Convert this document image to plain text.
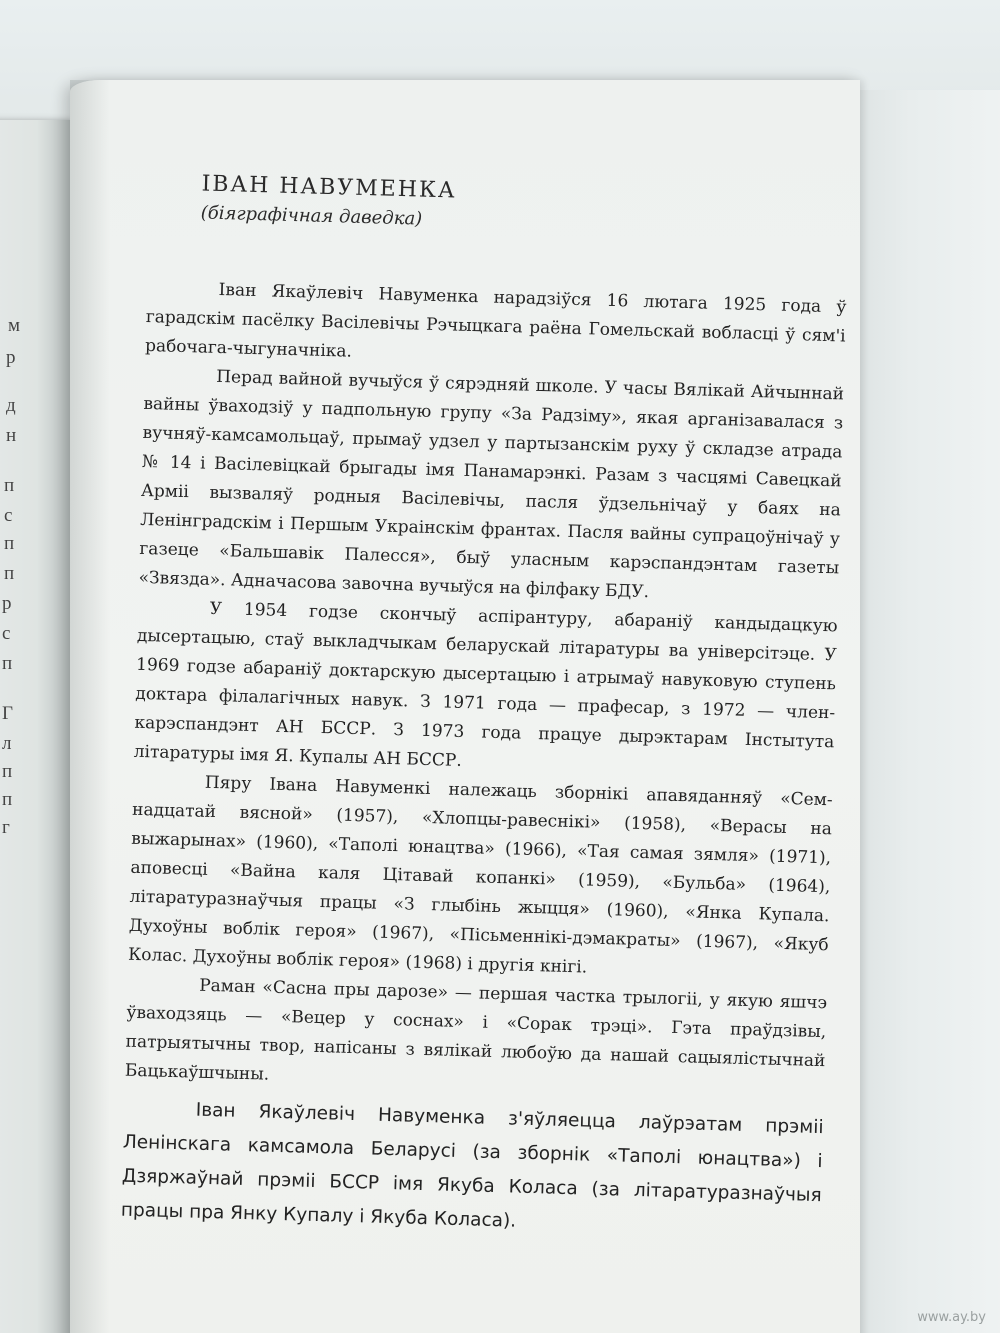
м
р
д
н
п
с
п
п
р
с
п
Г
л
п
п
г
ІВАН НАВУМЕНКА
(біяграфічная даведка)

Іван Якаўлевіч Навуменка нарадзіўся 16 лютага 1925 года ў гарадскім пасёлку Васілевічы Рэчыцкага раёна Гомельскай вобласці ў сям'і рабочага-чыгуначніка.

Перад вайной вучыўся ў сярэдняй школе. У часы Вялікай Айчыннай вайны ўваходзіў у падпольную групу «За Радзіму», якая арганізавалася з вучняў-камсамольцаў, прымаў удзел у партызанскім руху ў складзе атрада № 14 і Васілевіцкай брыгады імя Панамарэнкі. Разам з часцямі Савецкай Арміі вызваляў родныя Васілевічы, пасля ўдзельнічаў у баях на Ленінградскім і Першым Украінскім франтах. Пасля вайны супрацоўнічаў у газеце «Бальшавік Палесся», быў уласным карэспандэнтам газеты «Звязда». Адначасова завочна вучыўся на філфаку БДУ.

У 1954 годзе скончыў аспірантуру, абараніў кандыдацкую дысертацыю, стаў выкладчыкам беларускай літаратуры ва універсітэце. У 1969 годзе абараніў доктарскую дысертацыю і атрымаў навуковую ступень доктара філалагічных навук. З 1971 года — прафесар, з 1972 — член-карэспандэнт АН БССР. З 1973 года працуе дырэктарам Інстытута літаратуры імя Я. Купалы АН БССР.

Пяру Івана Навуменкі належаць зборнікі апавяданняў «Сем-надцатай вясной» (1957), «Хлопцы-равеснікі» (1958), «Верасы на выжарынах» (1960), «Таполі юнацтва» (1966), «Тая самая зямля» (1971), аповесці «Вайна каля Цітавай копанкі» (1959), «Бульба» (1964), літаратуразнаўчыя працы «З глыбінь жыцця» (1960), «Янка Купала. Духоўны воблік героя» (1967), «Пісьменнікі-дэмакраты» (1967), «Якуб Колас. Духоўны воблік героя» (1968) і другія кнігі.

Раман «Сасна пры дарозе» — першая частка трылогіі, у якую яшчэ ўваходзяць — «Вецер у соснах» і «Сорак трэці». Гэта праўдзівы, патрыятычны твор, напісаны з вялікай любоўю да нашай сацыялістычнай Бацькаўшчыны.

Іван Якаўлевіч Навуменка з'яўляецца лаўрэатам прэміі Ленінскага камсамола Беларусі (за зборнік «Таполі юнацтва») і Дзяржаўнай прэміі БССР імя Якуба Коласа (за літаратуразнаўчыя працы пра Янку Купалу і Якуба Коласа).

www.ay.by
